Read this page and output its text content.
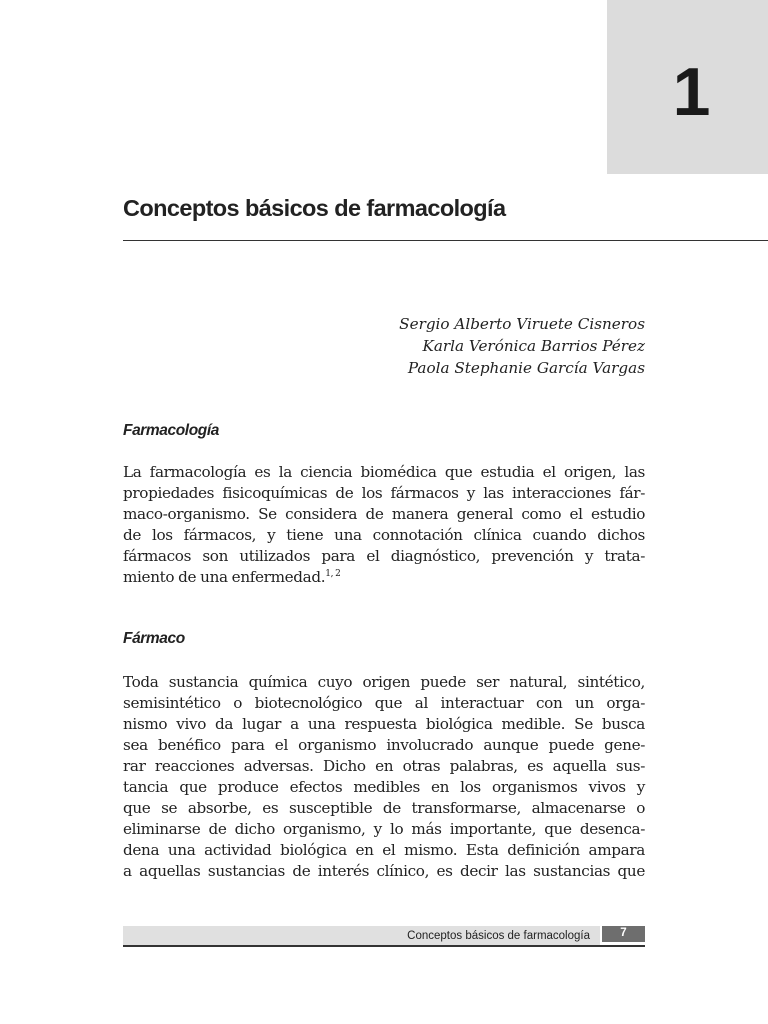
1
Conceptos básicos de farmacología
Sergio Alberto Viruete Cisneros
Karla Verónica Barrios Pérez
Paola Stephanie García Vargas
Farmacología
La farmacología es la ciencia biomédica que estudia el origen, las
propiedades fisicoquímicas de los fármacos y las interacciones fár-
maco-organismo. Se considera de manera general como el estudio
de los fármacos, y tiene una connotación clínica cuando dichos
fármacos son utilizados para el diagnóstico, prevención y trata-
miento de una enfermedad.$^{1, 2}$
Fármaco
Toda sustancia química cuyo origen puede ser natural, sintético,
semisintético o biotecnológico que al interactuar con un orga-
nismo vivo da lugar a una respuesta biológica medible. Se busca
sea benéfico para el organismo involucrado aunque puede gene-
rar reacciones adversas. Dicho en otras palabras, es aquella sus-
tancia que produce efectos medibles en los organismos vivos y
que se absorbe, es susceptible de transformarse, almacenarse o
eliminarse de dicho organismo, y lo más importante, que desenca-
dena una actividad biológica en el mismo. Esta definición ampara
a aquellas sustancias de interés clínico, es decir las sustancias que
Conceptos básicos de farmacología	7
